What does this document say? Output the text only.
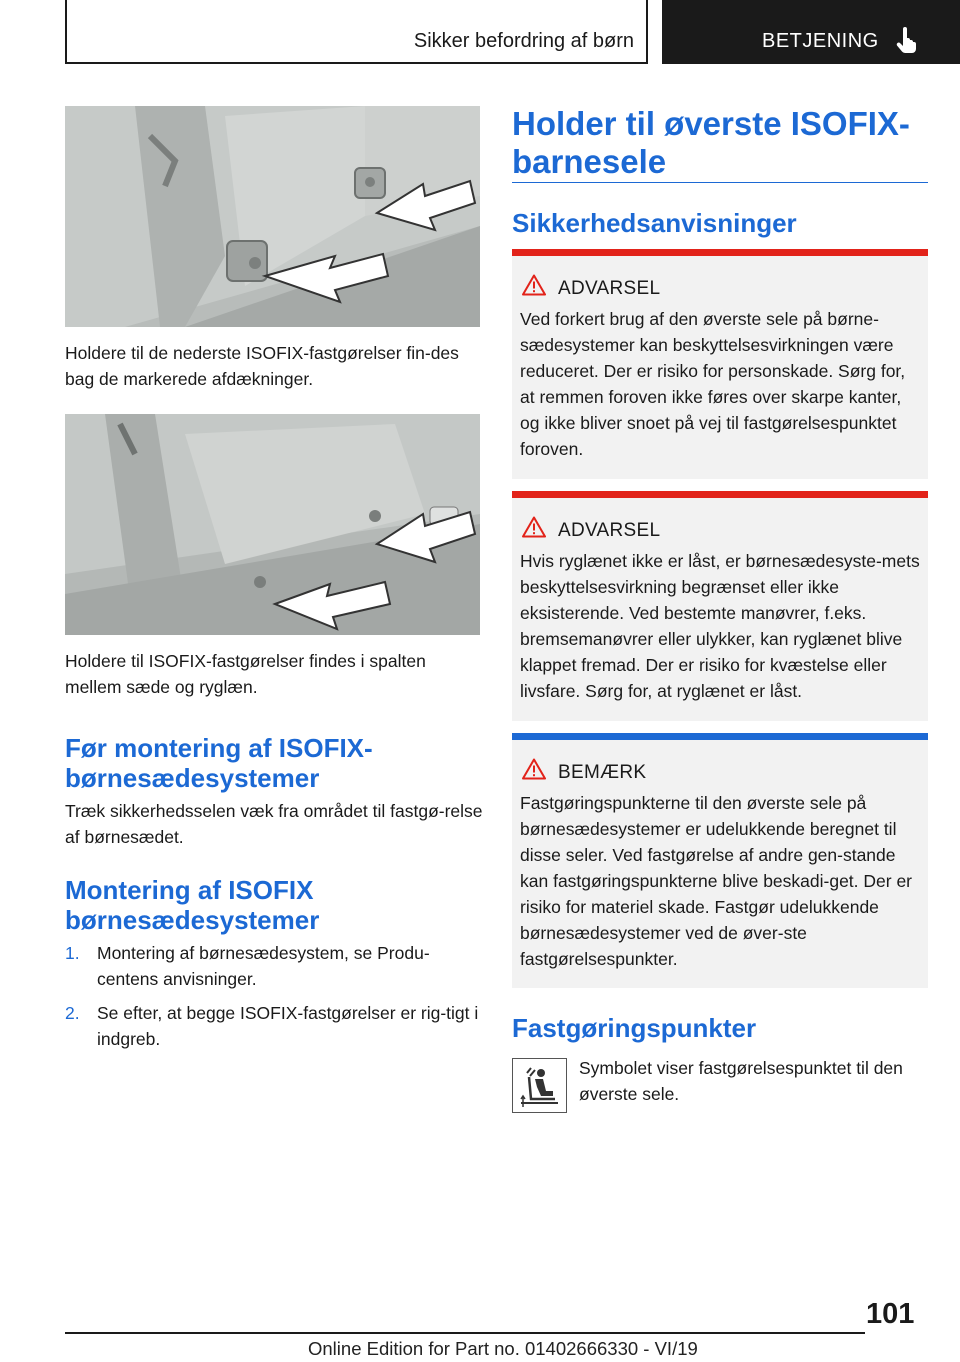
Sikker befordring af børn	BETJENING
Holdere til de nederste ISOFIX-fastgørelser fin-des bag de markerede afdækninger.
Holdere til ISOFIX-fastgørelser findes i spalten mellem sæde og ryglæn.
Før montering af ISOFIX-børnesædesystemer
Træk sikkerhedsselen væk fra området til fastgø-relse af børnesædet.
Montering af ISOFIX børnesædesystemer
1. Montering af børnesædesystem, se Produ-centens anvisninger.
2. Se efter, at begge ISOFIX-fastgørelser er rig-tigt i indgreb.
Holder til øverste ISOFIX-barnesele
Sikkerhedsanvisninger
ADVARSEL
Ved forkert brug af den øverste sele på børne-sædesystemer kan beskyttelsesvirkningen være reduceret. Der er risiko for personskade. Sørg for, at remmen foroven ikke føres over skarpe kanter, og ikke bliver snoet på vej til fastgørelsespunktet foroven.
ADVARSEL
Hvis ryglænet ikke er låst, er børnesædesyste-mets beskyttelsesvirkning begrænset eller ikke eksisterende. Ved bestemte manøvrer, f.eks. bremsemanøvrer eller ulykker, kan ryglænet blive klappet fremad. Der er risiko for kvæstelse eller livsfare. Sørg for, at ryglænet er låst.
BEMÆRK
Fastgøringspunkterne til den øverste sele på børnesædesystemer er udelukkende beregnet til disse seler. Ved fastgørelse af andre gen-stande kan fastgøringspunkterne blive beskadi-get. Der er risiko for materiel skade. Fastgør udelukkende børnesædesystemer ved de øver-ste fastgørelsespunkter.
Fastgøringspunkter
Symbolet viser fastgørelsespunktet til den øverste sele.
101
Online Edition for Part no. 01402666330 - VI/19
